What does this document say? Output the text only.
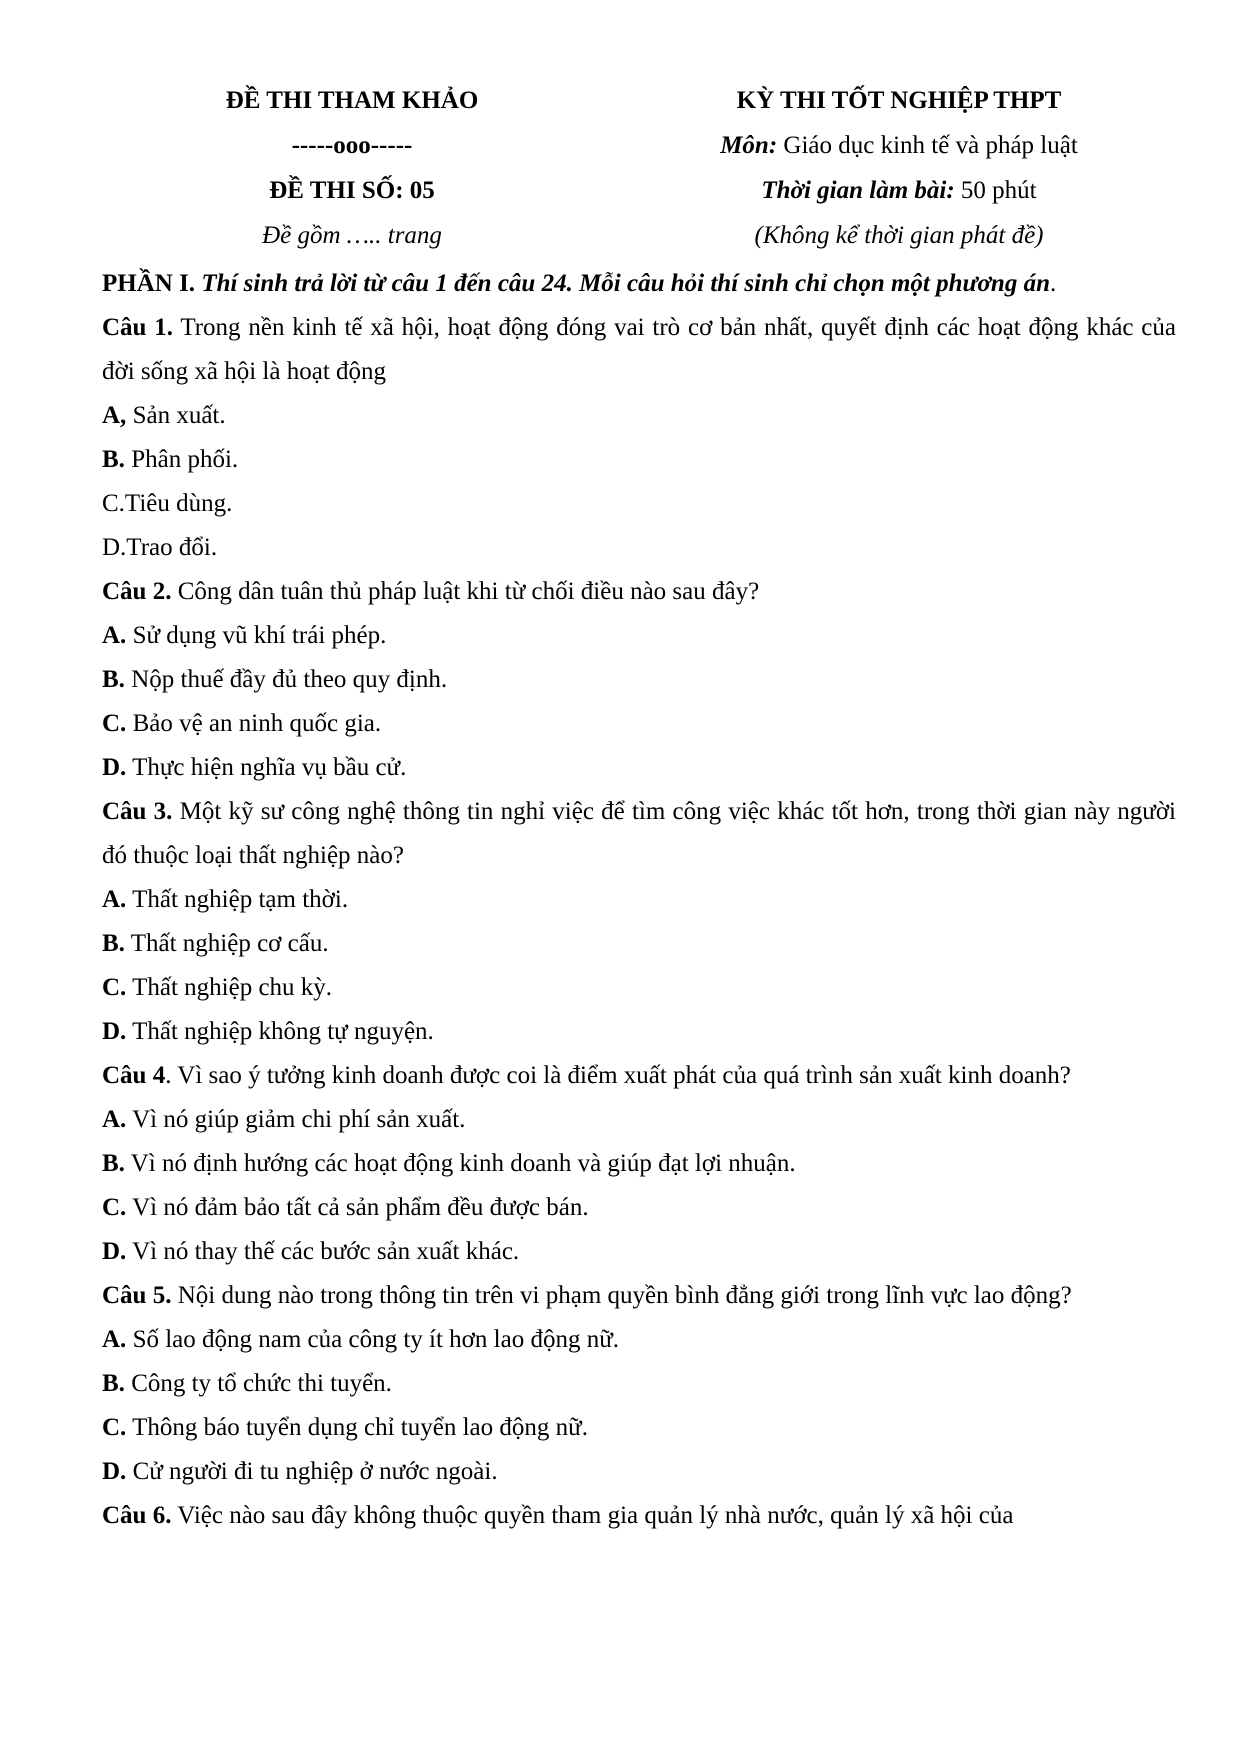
ĐỀ THI THAM KHẢO
-----ooo-----
ĐỀ THI SỐ: 05
Đề gồm ….. trang
KỲ THI TỐT NGHIỆP THPT
Môn: Giáo dục kinh tế và pháp luật
Thời gian làm bài: 50 phút
(Không kể thời gian phát đề)

PHẦN I. Thí sinh trả lời từ câu 1 đến câu 24. Mỗi câu hỏi thí sinh chỉ chọn một phương án.

Câu 1. Trong nền kinh tế xã hội, hoạt động đóng vai trò cơ bản nhất, quyết định các hoạt động khác của đời sống xã hội là hoạt động

A, Sản xuất.

B. Phân phối.

C.Tiêu dùng.

D.Trao đổi.

Câu 2. Công dân tuân thủ pháp luật khi từ chối điều nào sau đây?

A. Sử dụng vũ khí trái phép.

B. Nộp thuế đầy đủ theo quy định.

C. Bảo vệ an ninh quốc gia.

D. Thực hiện nghĩa vụ bầu cử.

Câu 3. Một kỹ sư công nghệ thông tin nghỉ việc để tìm công việc khác tốt hơn, trong thời gian này người đó thuộc loại thất nghiệp nào?

A. Thất nghiệp tạm thời.

B. Thất nghiệp cơ cấu.

C. Thất nghiệp chu kỳ.

D. Thất nghiệp không tự nguyện.

Câu 4. Vì sao ý tưởng kinh doanh được coi là điểm xuất phát của quá trình sản xuất kinh doanh?

A. Vì nó giúp giảm chi phí sản xuất.

B. Vì nó định hướng các hoạt động kinh doanh và giúp đạt lợi nhuận.

C. Vì nó đảm bảo tất cả sản phẩm đều được bán.

D. Vì nó thay thế các bước sản xuất khác.

Câu 5. Nội dung nào trong thông tin trên vi phạm quyền bình đẳng giới trong lĩnh vực lao động?

A. Số lao động nam của công ty ít hơn lao động nữ.

B. Công ty tổ chức thi tuyển.

C. Thông báo tuyển dụng chỉ tuyển lao động nữ.

D. Cử người đi tu nghiệp ở nước ngoài.

Câu 6. Việc nào sau đây không thuộc quyền tham gia quản lý nhà nước, quản lý xã hội của
